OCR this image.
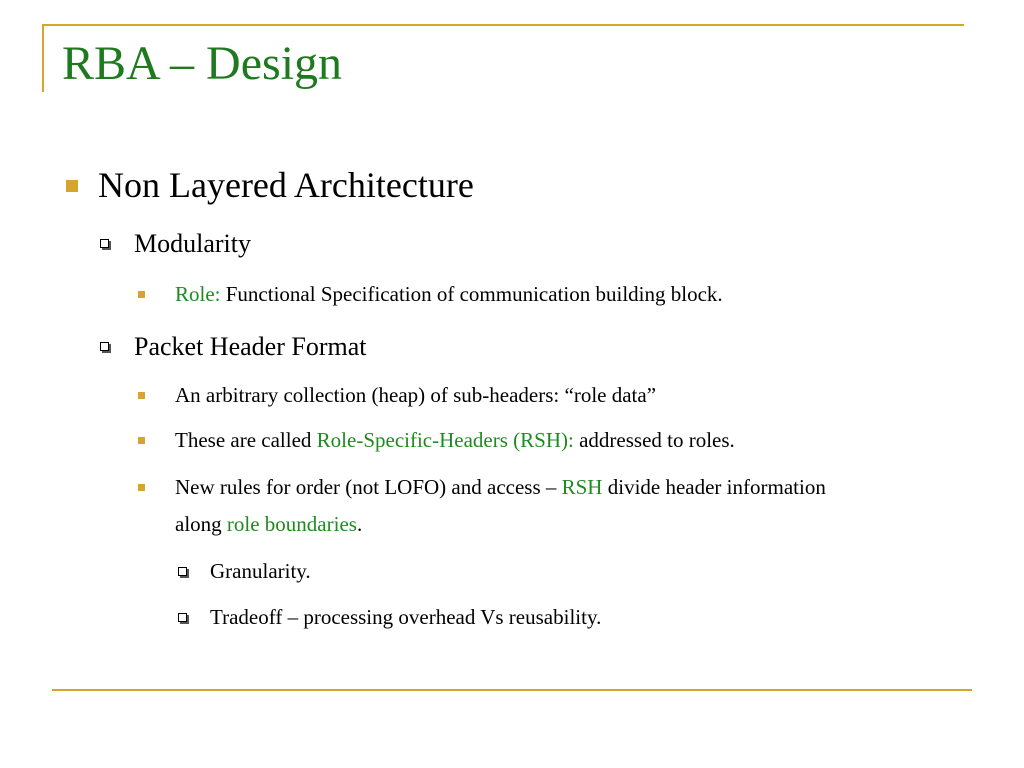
RBA – Design
Non Layered Architecture
Modularity
Role: Functional Specification of communication building block.
Packet Header Format
An arbitrary collection (heap) of sub-headers: “role data”
These are called Role-Specific-Headers (RSH): addressed to roles.
New rules for order (not LOFO) and access – RSH divide header information
along role boundaries.
Granularity.
Tradeoff – processing overhead Vs reusability.
